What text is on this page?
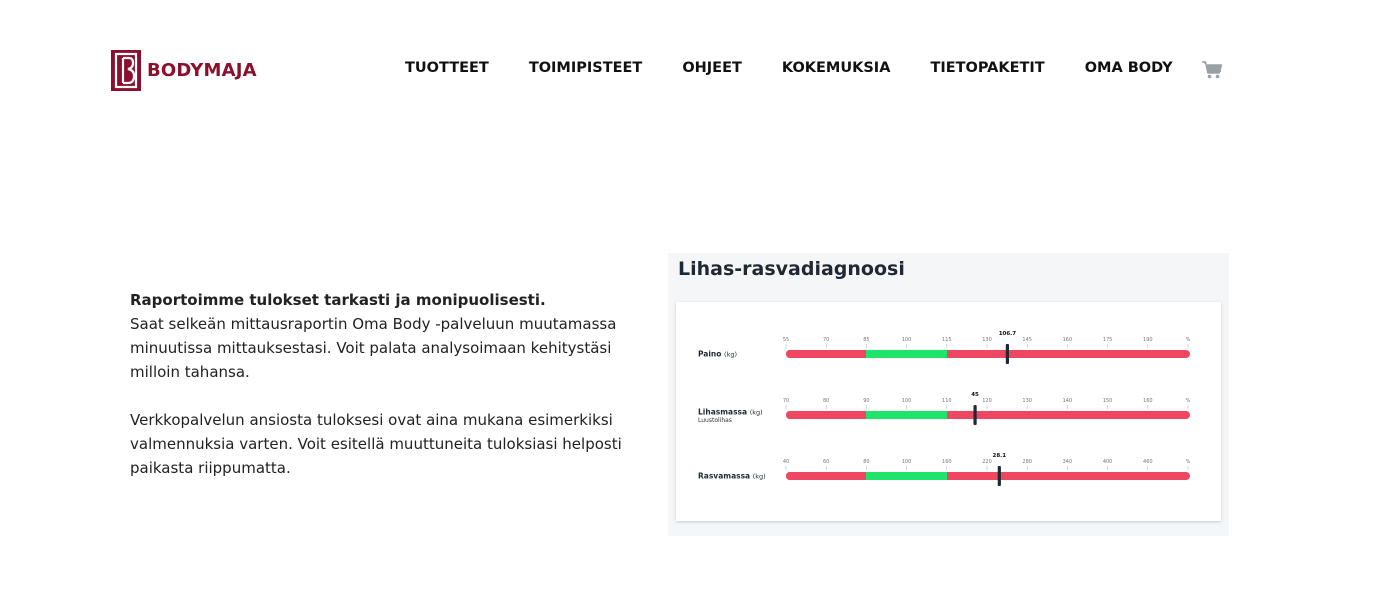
BODYMAJA	TUOTTEET	TOIMIPISTEET	OHJEET	KOKEMUKSIA	TIETOPAKETIT	OMA BODY

Raportoimme tulokset tarkasti ja monipuolisesti.
Saat selkeän mittausraportin Oma Body -palveluun muutamassa minuutissa mittauksestasi. Voit palata analysoimaan kehitystäsi milloin tahansa.

Verkkopalvelun ansiosta tuloksesi ovat aina mukana esimerkiksi valmennuksia varten. Voit esitellä muuttuneita tuloksiasi helposti paikasta riippumatta.

Lihas-rasvadiagnoosi
Paino (kg)
55	70	85	100	115	130	145	160	175	190	%
106.7
Lihasmassa (kg)
Luustolihas
70	80	90	100	110	120	130	140	150	160	%
45
Rasvamassa (kg)
40	60	80	100	160	220	280	340	400	460	%
28.1
